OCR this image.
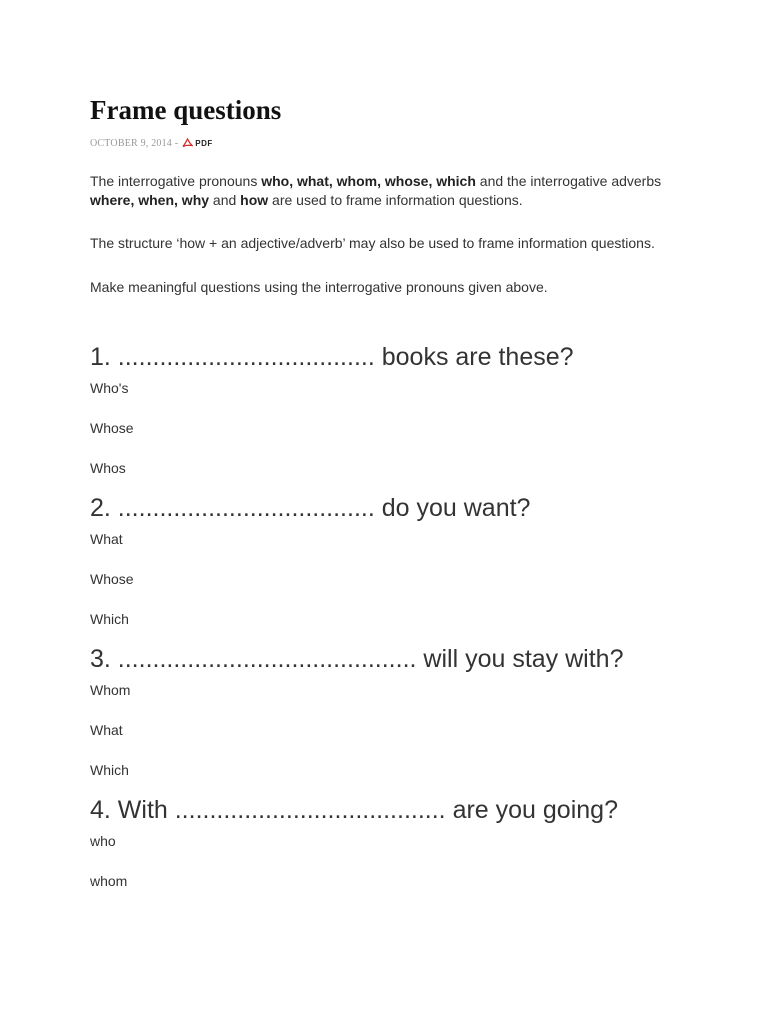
Frame questions
OCTOBER 9, 2014 - PDF

The interrogative pronouns who, what, whom, whose, which and the interrogative adverbs where, when, why and how are used to frame information questions.

The structure ‘how + an adjective/adverb’ may also be used to frame information questions.

Make meaningful questions using the interrogative pronouns given above.

1. ..................................... books are these?

Who's

Whose

Whos

2. ..................................... do you want?

What

Whose

Which

3. ........................................... will you stay with?

Whom

What

Which

4. With ....................................... are you going?

who

whom
